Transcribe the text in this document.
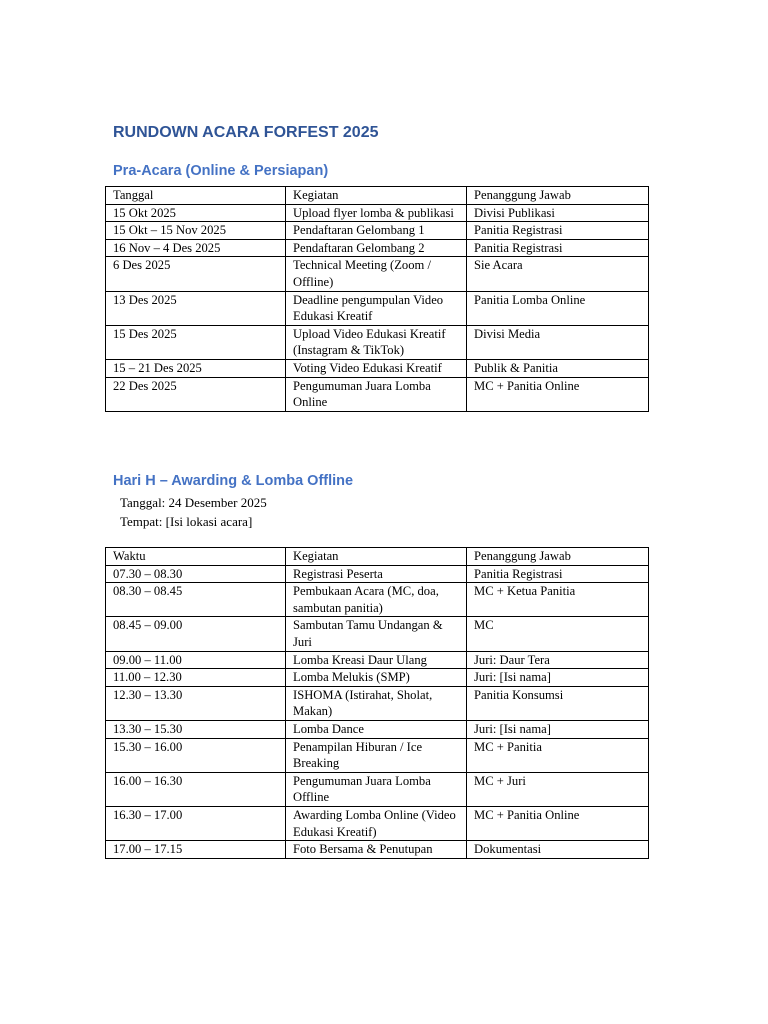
RUNDOWN ACARA FORFEST 2025
Pra-Acara (Online & Persiapan)
Tanggal	Kegiatan	Penanggung Jawab
15 Okt 2025	Upload flyer lomba & publikasi	Divisi Publikasi
15 Okt – 15 Nov 2025	Pendaftaran Gelombang 1	Panitia Registrasi
16 Nov – 4 Des 2025	Pendaftaran Gelombang 2	Panitia Registrasi
6 Des 2025	Technical Meeting (Zoom / Offline)	Sie Acara
13 Des 2025	Deadline pengumpulan Video Edukasi Kreatif	Panitia Lomba Online
15 Des 2025	Upload Video Edukasi Kreatif (Instagram & TikTok)	Divisi Media
15 – 21 Des 2025	Voting Video Edukasi Kreatif	Publik & Panitia
22 Des 2025	Pengumuman Juara Lomba Online	MC + Panitia Online
Hari H – Awarding & Lomba Offline

Tanggal: 24 Desember 2025

Tempat: [Isi lokasi acara]

Waktu	Kegiatan	Penanggung Jawab
07.30 – 08.30	Registrasi Peserta	Panitia Registrasi
08.30 – 08.45	Pembukaan Acara (MC, doa, sambutan panitia)	MC + Ketua Panitia
08.45 – 09.00	Sambutan Tamu Undangan & Juri	MC
09.00 – 11.00	Lomba Kreasi Daur Ulang	Juri: Daur Tera
11.00 – 12.30	Lomba Melukis (SMP)	Juri: [Isi nama]
12.30 – 13.30	ISHOMA (Istirahat, Sholat, Makan)	Panitia Konsumsi
13.30 – 15.30	Lomba Dance	Juri: [Isi nama]
15.30 – 16.00	Penampilan Hiburan / Ice Breaking	MC + Panitia
16.00 – 16.30	Pengumuman Juara Lomba Offline	MC + Juri
16.30 – 17.00	Awarding Lomba Online (Video Edukasi Kreatif)	MC + Panitia Online
17.00 – 17.15	Foto Bersama & Penutupan	Dokumentasi
